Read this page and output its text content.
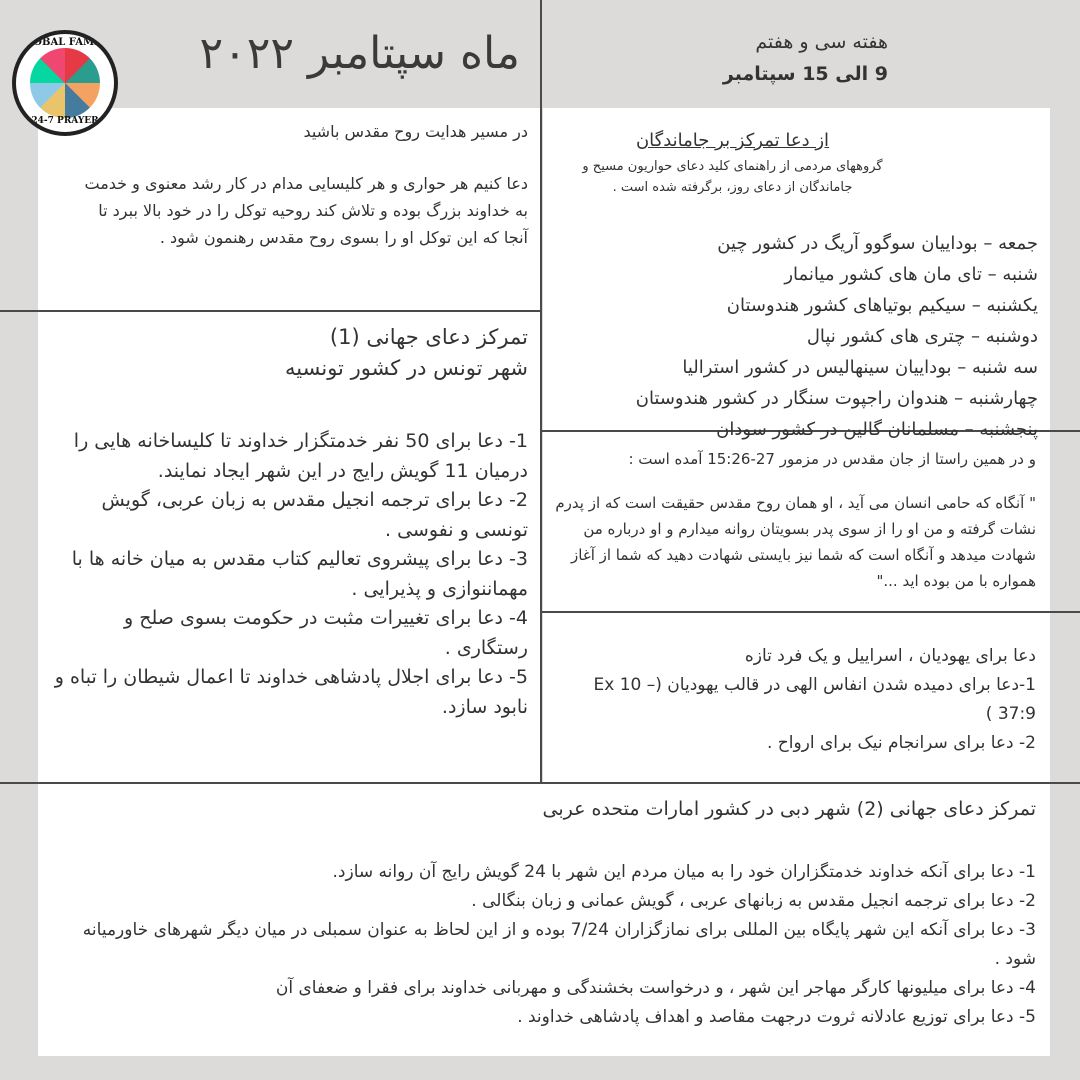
GLOBAL FAMILY
24-7 PRAYER
ماه سپتامبر ۲۰۲۲	هفته سی و هفتم
9 الی 15 سپتامبر
در مسیر هدایت روح مقدس باشید
دعا کنیم هر حواری و هر کلیسایی مدام در کار رشد معنوی و خدمت به خداوند بزرگ بوده و تلاش کند روحیه توکل را در خود بالا ببرد تا آنجا که این توکل او را بسوی روح مقدس رهنمون شود .
از دعا تمرکز بر جاماندگان
گروههای مردمی از راهنمای کلید دعای حواریون مسیح و جاماندگان از دعای روز، برگرفته شده است .

جمعه – بوداییان سوگوو آریگ در کشور چین

شنبه – تای مان های کشور میانمار

یکشنبه – سیکیم بوتیاهای کشور هندوستان

دوشنبه – چتری های کشور نپال

سه شنبه – بوداییان سینهالیس در کشور استرالیا

چهارشنبه – هندوان راجپوت سنگار در کشور هندوستان

پنجشنبه – مسلمانان گالین در کشور سودان

تمرکز دعای جهانی (1)
شهر تونس در کشور تونسیه

1- دعا برای 50 نفر خدمتگزار خداوند تا کلیساخانه هایی را درمیان 11 گویش رایج در این شهر ایجاد نمایند.

2- دعا برای ترجمه انجیل مقدس به زبان عربی، گویش تونسی و نفوسی .

3- دعا برای پیشروی تعالیم کتاب مقدس به میان خانه ها با مهماننوازی و پذیرایی .

4- دعا برای تغییرات مثبت در حکومت بسوی صلح و رستگاری .

5- دعا برای اجلال پادشاهی خداوند تا اعمال شیطان را تباه و نابود سازد.

و در همین راستا از جان مقدس در مزمور 27-15:26 آمده است :
" آنگاه که حامی انسان می آید ، او همان روح مقدس حقیقت است که از پدرم نشات گرفته و من او را از سوی پدر بسویتان روانه میدارم و او درباره من شهادت میدهد و آنگاه است که شما نیز بایستی شهادت دهید که شما از آغاز همواره با من بوده اید ..."
دعا برای یهودیان ، اسراییل و یک فرد تازه
1-دعا برای دمیده شدن انفاس الهی در قالب یهودیان (Ex 10 – 37:9 )
2- دعا برای سرانجام نیک برای ارواح .
تمرکز دعای جهانی (2) شهر دبی در کشور امارات متحده عربی

1- دعا برای آنکه خداوند خدمتگزاران خود را به میان مردم این شهر با 24 گویش رایج آن روانه سازد.

2- دعا برای ترجمه انجیل مقدس به زبانهای عربی ، گویش عمانی و زبان بنگالی .

3- دعا برای آنکه این شهر پایگاه بین المللی برای نمازگزاران 7/24 بوده و از این لحاظ به عنوان سمبلی در میان دیگر شهرهای خاورمیانه شود .

4- دعا برای میلیونها کارگر مهاجر این شهر ، و درخواست بخشندگی و مهربانی خداوند برای فقرا و ضعفای آن

5- دعا برای توزیع عادلانه ثروت درجهت مقاصد و اهداف پادشاهی خداوند .
